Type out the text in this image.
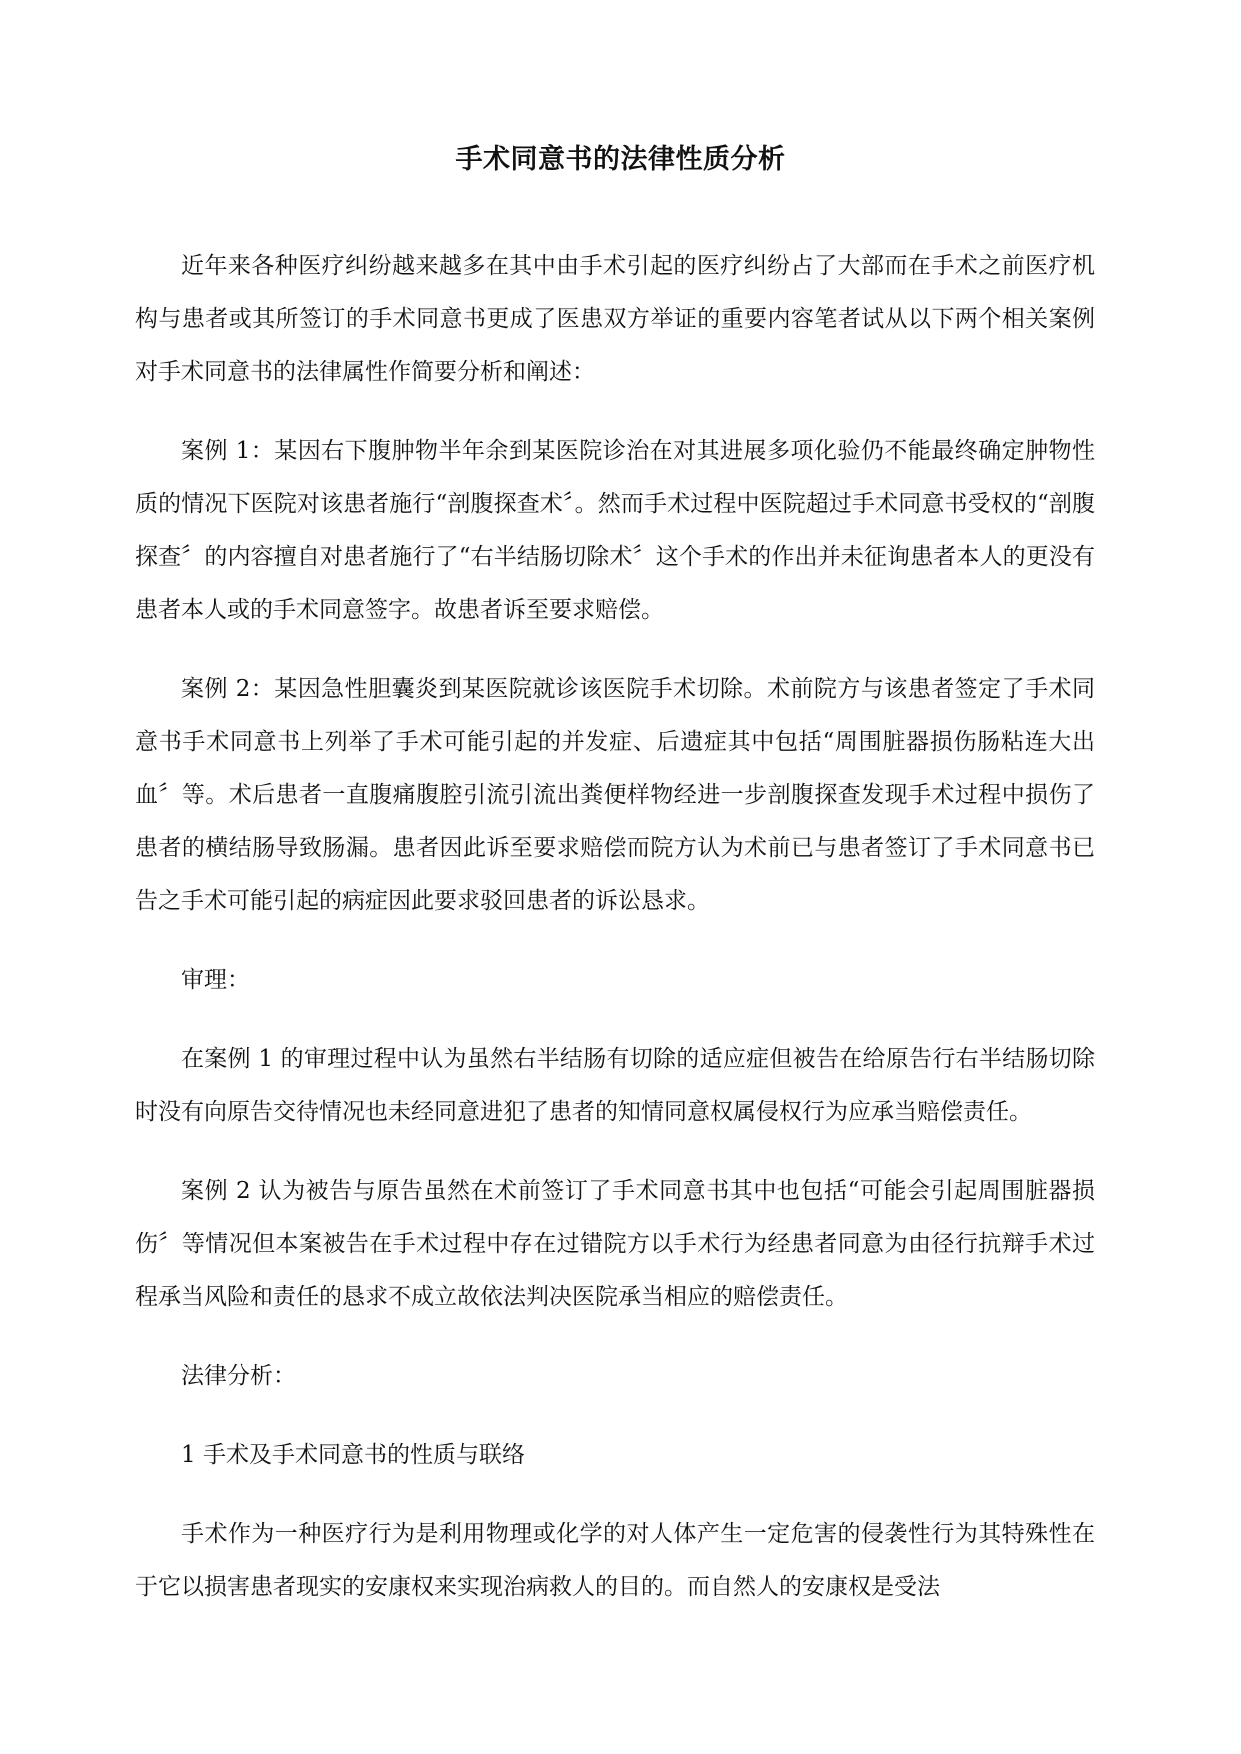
手术同意书的法律性质分析

近年来各种医疗纠纷越来越多在其中由手术引起的医疗纠纷占了大部而在手术之前医疗机构与患者或其所签订的手术同意书更成了医患双方举证的重要内容笔者试从以下两个相关案例对手术同意书的法律属性作简要分析和阐述：

案例 1：某因右下腹肿物半年余到某医院诊治在对其进展多项化验仍不能最终确定肿物性质的情况下医院对该患者施行“剖腹探查术〞。然而手术过程中医院超过手术同意书受权的“剖腹探查〞的内容擅自对患者施行了“右半结肠切除术〞这个手术的作出并未征询患者本人的更没有患者本人或的手术同意签字。故患者诉至要求赔偿。

案例 2：某因急性胆囊炎到某医院就诊该医院手术切除。术前院方与该患者签定了手术同意书手术同意书上列举了手术可能引起的并发症、后遗症其中包括“周围脏器损伤肠粘连大出血〞等。术后患者一直腹痛腹腔引流引流出粪便样物经进一步剖腹探查发现手术过程中损伤了患者的横结肠导致肠漏。患者因此诉至要求赔偿而院方认为术前已与患者签订了手术同意书已告之手术可能引起的病症因此要求驳回患者的诉讼恳求。

审理：

在案例 1 的审理过程中认为虽然右半结肠有切除的适应症但被告在给原告行右半结肠切除时没有向原告交待情况也未经同意进犯了患者的知情同意权属侵权行为应承当赔偿责任。

案例 2 认为被告与原告虽然在术前签订了手术同意书其中也包括“可能会引起周围脏器损伤〞等情况但本案被告在手术过程中存在过错院方以手术行为经患者同意为由径行抗辩手术过程承当风险和责任的恳求不成立故依法判决医院承当相应的赔偿责任。

法律分析：

1 手术及手术同意书的性质与联络

手术作为一种医疗行为是利用物理或化学的对人体产生一定危害的侵袭性行为其特殊性在于它以损害患者现实的安康权来实现治病救人的目的。而自然人的安康权是受法
